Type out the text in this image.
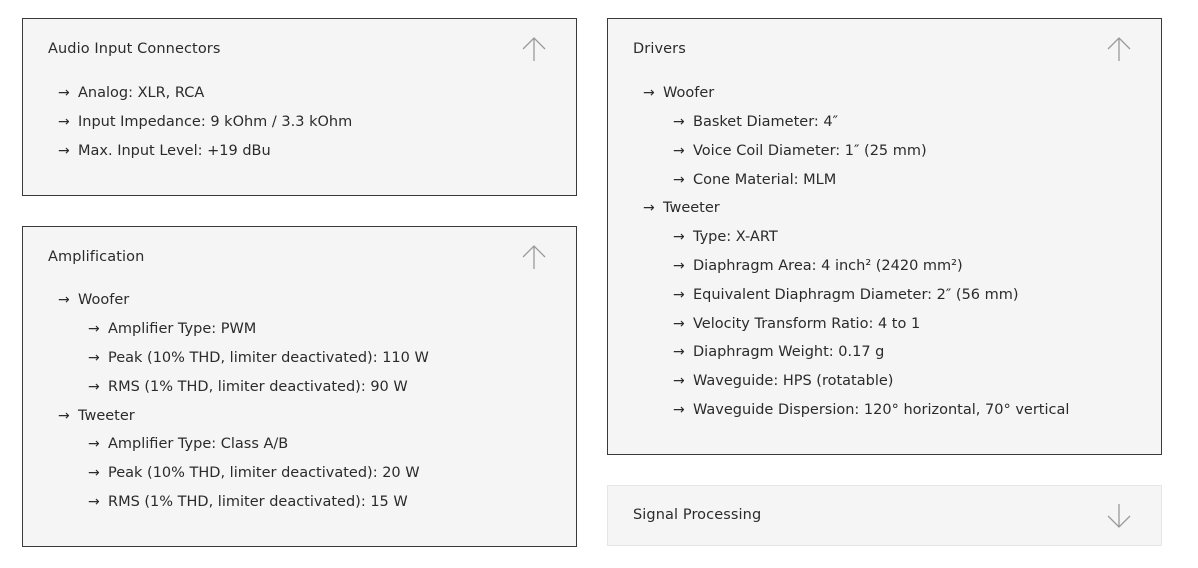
Audio Input Connectors
→ Analog: XLR, RCA
→ Input Impedance: 9 kOhm / 3.3 kOhm
→ Max. Input Level: +19 dBu
Amplification
→ Woofer
→ Amplifier Type: PWM
→ Peak (10% THD, limiter deactivated): 110 W
→ RMS (1% THD, limiter deactivated): 90 W
→ Tweeter
→ Amplifier Type: Class A/B
→ Peak (10% THD, limiter deactivated): 20 W
→ RMS (1% THD, limiter deactivated): 15 W
Drivers
→ Woofer
→ Basket Diameter: 4″
→ Voice Coil Diameter: 1″ (25 mm)
→ Cone Material: MLM
→ Tweeter
→ Type: X-ART
→ Diaphragm Area: 4 inch² (2420 mm²)
→ Equivalent Diaphragm Diameter: 2″ (56 mm)
→ Velocity Transform Ratio: 4 to 1
→ Diaphragm Weight: 0.17 g
→ Waveguide: HPS (rotatable)
→ Waveguide Dispersion: 120° horizontal, 70° vertical
Signal Processing
